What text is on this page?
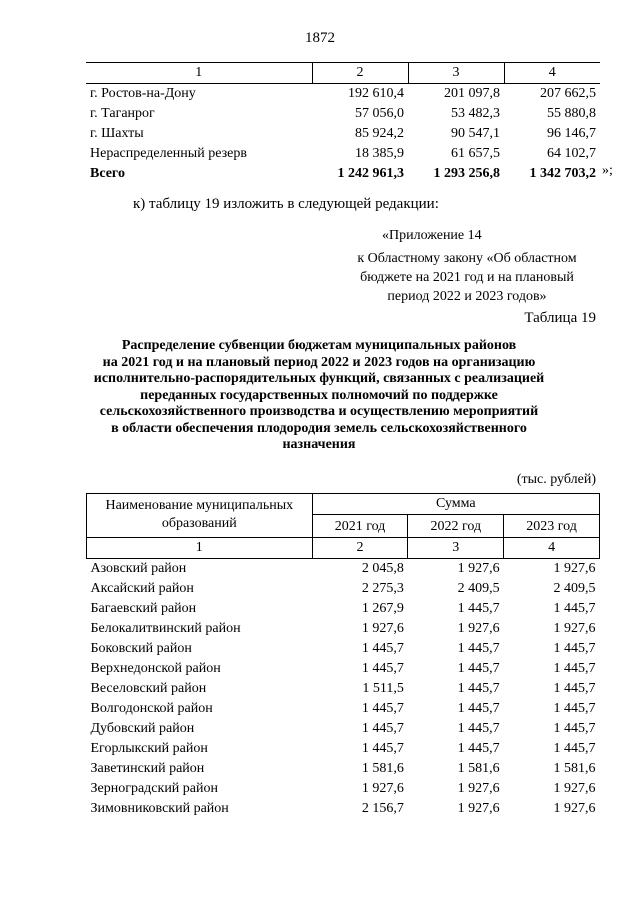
1872
1	2	3	4
г. Ростов-на-Дону	192 610,4	201 097,8	207 662,5
г. Таганрог	57 056,0	53 482,3	55 880,8
г. Шахты	85 924,2	90 547,1	96 146,7
Нераспределенный резерв	18 385,9	61 657,5	64 102,7
Всего	1 242 961,3	1 293 256,8	1 342 703,2 »;
к) таблицу 19 изложить в следующей редакции:
«Приложение 14
к Областному закону «Об областном
бюджете на 2021 год и на плановый
период 2022 и 2023 годов»
Таблица 19
Распределение субвенции бюджетам муниципальных районов
на 2021 год и на плановый период 2022 и 2023 годов на организацию
исполнительно-распорядительных функций, связанных с реализацией
переданных государственных полномочий по поддержке
сельскохозяйственного производства и осуществлению мероприятий
в области обеспечения плодородия земель сельскохозяйственного
назначения
(тыс. рублей)
Наименование муниципальных образований	Сумма		
	2021 год	2022 год	2023 год
1	2	3	4
Азовский район	2 045,8	1 927,6	1 927,6
Аксайский район	2 275,3	2 409,5	2 409,5
Багаевский район	1 267,9	1 445,7	1 445,7
Белокалитвинский район	1 927,6	1 927,6	1 927,6
Боковский район	1 445,7	1 445,7	1 445,7
Верхнедонской район	1 445,7	1 445,7	1 445,7
Веселовский район	1 511,5	1 445,7	1 445,7
Волгодонской район	1 445,7	1 445,7	1 445,7
Дубовский район	1 445,7	1 445,7	1 445,7
Егорлыкский район	1 445,7	1 445,7	1 445,7
Заветинский район	1 581,6	1 581,6	1 581,6
Зерноградский район	1 927,6	1 927,6	1 927,6
Зимовниковский район	2 156,7	1 927,6	1 927,6
